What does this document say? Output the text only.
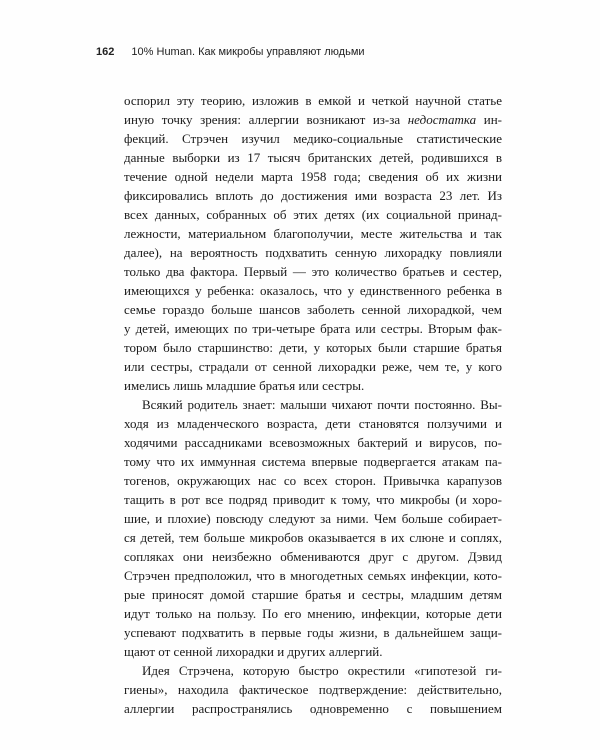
162 10% Human. Как микробы управляют людьми
оспорил эту теорию, изложив в емкой и четкой научной статье
иную точку зрения: аллергии возникают из-за недостатка ин-
фекций. Стрэчен изучил медико-социальные статистические
данные выборки из 17 тысяч британских детей, родившихся в
течение одной недели марта 1958 года; сведения об их жизни
фиксировались вплоть до достижения ими возраста 23 лет. Из
всех данных, собранных об этих детях (их социальной принад-
лежности, материальном благополучии, месте жительства и так
далее), на вероятность подхватить сенную лихорадку повлияли
только два фактора. Первый — это количество братьев и сестер,
имеющихся у ребенка: оказалось, что у единственного ребенка в
семье гораздо больше шансов заболеть сенной лихорадкой, чем
у детей, имеющих по три-четыре брата или сестры. Вторым фак-
тором было старшинство: дети, у которых были старшие братья
или сестры, страдали от сенной лихорадки реже, чем те, у кого
имелись лишь младшие братья или сестры.
Всякий родитель знает: малыши чихают почти постоянно. Вы-
ходя из младенческого возраста, дети становятся ползучими и
ходячими рассадниками всевозможных бактерий и вирусов, по-
тому что их иммунная система впервые подвергается атакам па-
тогенов, окружающих нас со всех сторон. Привычка карапузов
тащить в рот все подряд приводит к тому, что микробы (и хоро-
шие, и плохие) повсюду следуют за ними. Чем больше собирает-
ся детей, тем больше микробов оказывается в их слюне и соплях,
сопляках они неизбежно обмениваются друг с другом. Дэвид
Стрэчен предположил, что в многодетных семьях инфекции, кото-
рые приносят домой старшие братья и сестры, младшим детям
идут только на пользу. По его мнению, инфекции, которые дети
успевают подхватить в первые годы жизни, в дальнейшем защи-
щают от сенной лихорадки и других аллергий.
Идея Стрэчена, которую быстро окрестили «гипотезой ги-
гиены», находила фактическое подтверждение: действительно,
аллергии распространялись одновременно с повышением
